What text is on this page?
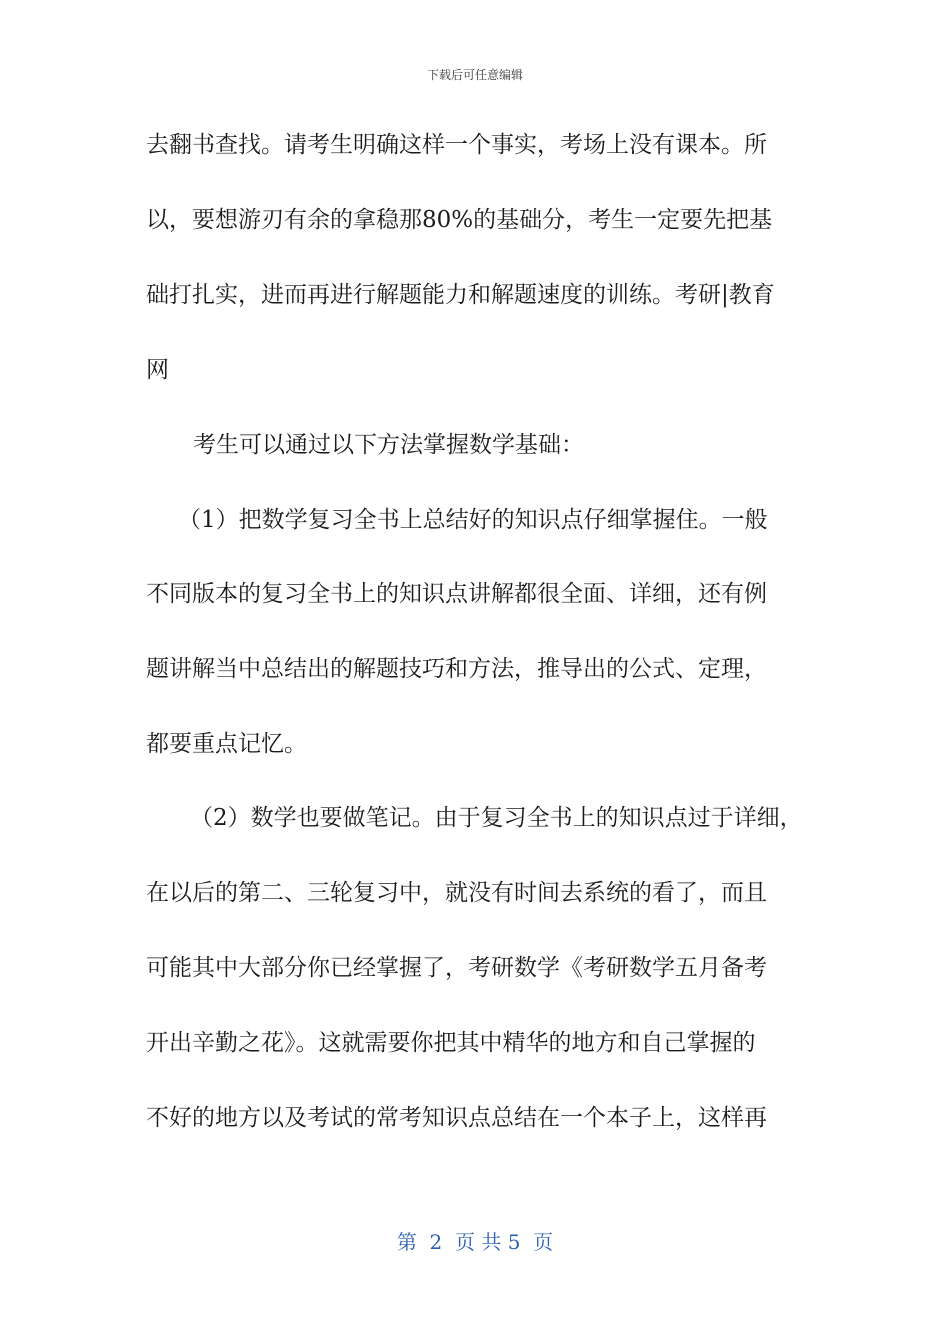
下载后可任意编辑
去翻书查找。请考生明确这样一个事实，考场上没有课本。所
以，要想游刃有余的拿稳那80%的基础分，考生一定要先把基
础打扎实，进而再进行解题能力和解题速度的训练。考研|教育
网
考生可以通过以下方法掌握数学基础：
（1）把数学复习全书上总结好的知识点仔细掌握住。一般
不同版本的复习全书上的知识点讲解都很全面、详细，还有例
题讲解当中总结出的解题技巧和方法，推导出的公式、定理，
都要重点记忆。
（2）数学也要做笔记。由于复习全书上的知识点过于详细，
在以后的第二、三轮复习中，就没有时间去系统的看了，而且
可能其中大部分你已经掌握了，考研数学《考研数学五月备考
开出辛勤之花》。这就需要你把其中精华的地方和自己掌握的
不好的地方以及考试的常考知识点总结在一个本子上，这样再
第  2  页 共 5  页
